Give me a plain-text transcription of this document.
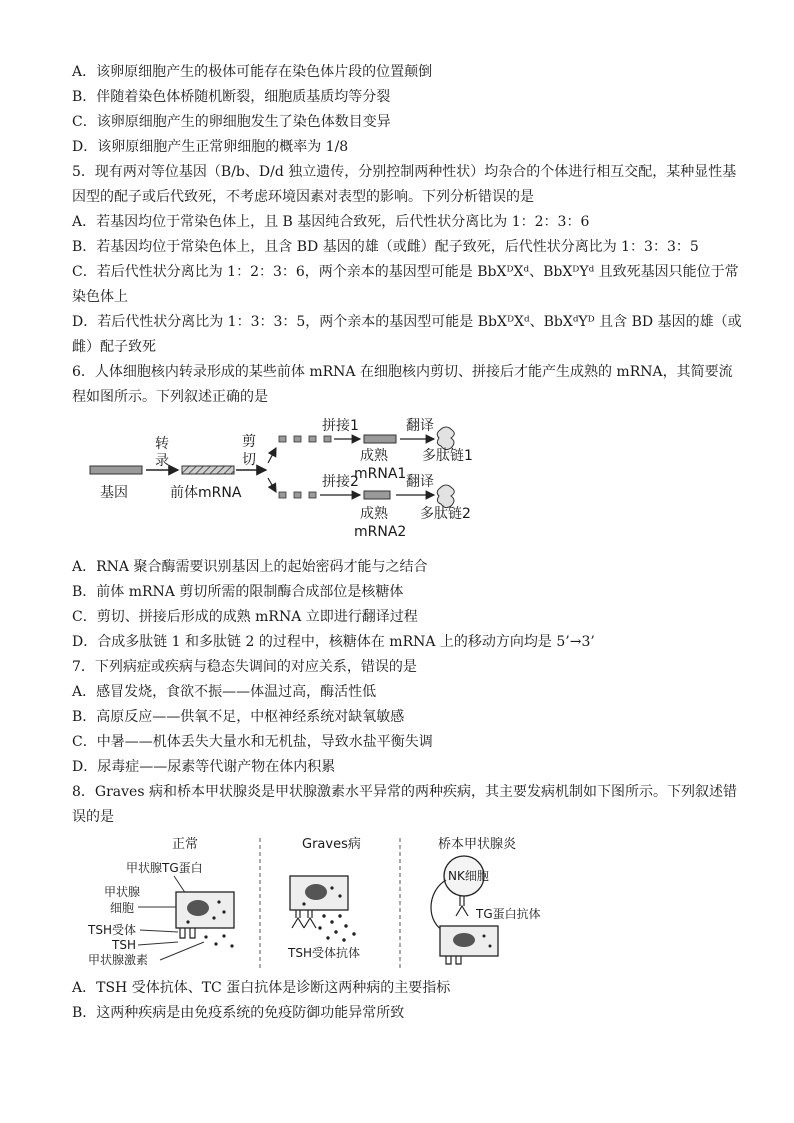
A．该卵原细胞产生的极体可能存在染色体片段的位置颠倒
B．伴随着染色体桥随机断裂，细胞质基质均等分裂
C．该卵原细胞产生的卵细胞发生了染色体数目变异
D．该卵原细胞产生正常卵细胞的概率为 1/8
5．现有两对等位基因（B/b、D/d 独立遗传，分别控制两种性状）均杂合的个体进行相互交配，某种显性基
因型的配子或后代致死，不考虑环境因素对表型的影响。下列分析错误的是
A．若基因均位于常染色体上，且 B 基因纯合致死，后代性状分离比为 1：2：3：6
B．若基因均位于常染色体上，且含 BD 基因的雄（或雌）配子致死，后代性状分离比为 1：3：3：5
C．若后代性状分离比为 1：2：3：6，两个亲本的基因型可能是 BbXᴰXᵈ、BbXᴰYᵈ 且致死基因只能位于常
染色体上
D．若后代性状分离比为 1：3：3：5，两个亲本的基因型可能是 BbXᴰXᵈ、BbXᵈYᴰ 且含 BD 基因的雄（或
雌）配子致死
6．人体细胞核内转录形成的某些前体 mRNA 在细胞核内剪切、拼接后才能产生成熟的 mRNA，其简要流
程如图所示。下列叙述正确的是
基因
转
录
前体mRNA
剪
切
拼接1
成熟
mRNA1
翻译
多肽链1
拼接2
成熟
mRNA2
翻译
多肽链2
A．RNA 聚合酶需要识别基因上的起始密码才能与之结合
B．前体 mRNA 剪切所需的限制酶合成部位是核糖体
C．剪切、拼接后形成的成熟 mRNA 立即进行翻译过程
D．合成多肽链 1 和多肽链 2 的过程中，核糖体在 mRNA 上的移动方向均是 5’→3’
7．下列病症或疾病与稳态失调间的对应关系，错误的是
A．感冒发烧，食欲不振——体温过高，酶活性低
B．高原反应——供氧不足，中枢神经系统对缺氧敏感
C．中暑——机体丢失大量水和无机盐，导致水盐平衡失调
D．尿毒症——尿素等代谢产物在体内积累
8．Graves 病和桥本甲状腺炎是甲状腺激素水平异常的两种疾病，其主要发病机制如下图所示。下列叙述错
误的是
正常
甲状腺TG蛋白
甲状腺
细胞
TSH受体
TSH
甲状腺激素
Graves病
TSH受体抗体
桥本甲状腺炎
NK细胞
TG蛋白抗体
A．TSH 受体抗体、TC 蛋白抗体是诊断这两种病的主要指标
B．这两种疾病是由免疫系统的免疫防御功能异常所致
